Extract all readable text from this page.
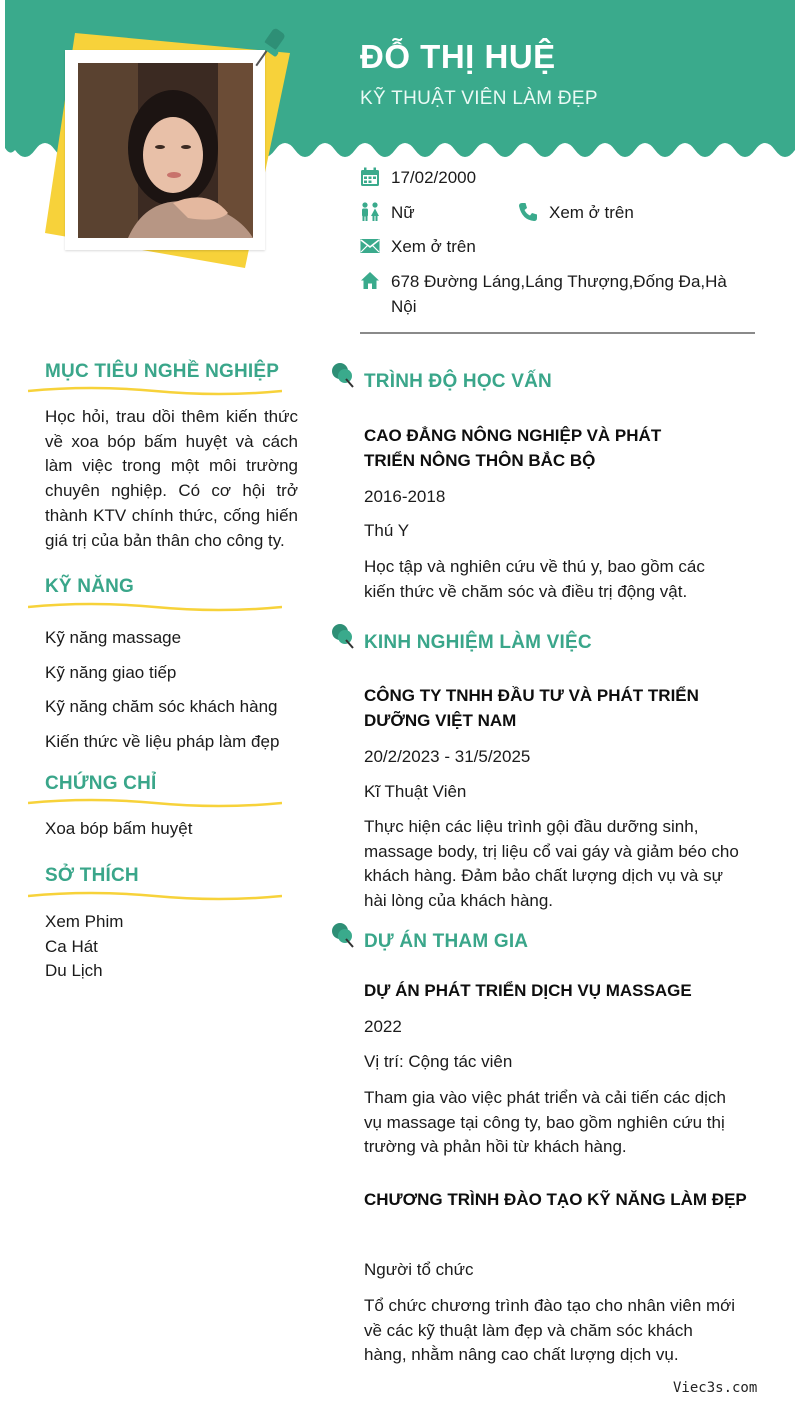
ĐỖ THỊ HUỆ
KỸ THUẬT VIÊN LÀM ĐẸP
17/02/2000
Nữ	Xem ở trên
Xem ở trên
678 Đường Láng,Láng Thượng,Đống Đa,Hà Nội
MỤC TIÊU NGHỀ NGHIỆP
Học hỏi, trau dồi thêm kiến thức về xoa bóp bấm huyệt và cách làm việc trong một môi trường chuyên nghiệp. Có cơ hội trở thành KTV chính thức, cống hiến giá trị của bản thân cho công ty.
KỸ NĂNG
Kỹ năng massage
Kỹ năng giao tiếp
Kỹ năng chăm sóc khách hàng
Kiến thức về liệu pháp làm đẹp
CHỨNG CHỈ
Xoa bóp bấm huyệt
SỞ THÍCH
Xem Phim
Ca Hát
Du Lịch
TRÌNH ĐỘ HỌC VẤN
CAO ĐẲNG NÔNG NGHIỆP VÀ PHÁT TRIỂN NÔNG THÔN BẮC BỘ
2016-2018
Thú Y
Học tập và nghiên cứu về thú y, bao gồm các kiến thức về chăm sóc và điều trị động vật.
KINH NGHIỆM LÀM VIỆC
CÔNG TY TNHH ĐẦU TƯ VÀ PHÁT TRIỂN DƯỠNG VIỆT NAM
20/2/2023 - 31/5/2025
Kĩ Thuật Viên
Thực hiện các liệu trình gội đầu dưỡng sinh, massage body, trị liệu cổ vai gáy và giảm béo cho khách hàng. Đảm bảo chất lượng dịch vụ và sự hài lòng của khách hàng.
DỰ ÁN THAM GIA
DỰ ÁN PHÁT TRIỂN DỊCH VỤ MASSAGE
2022
Vị trí: Cộng tác viên
Tham gia vào việc phát triển và cải tiến các dịch vụ massage tại công ty, bao gồm nghiên cứu thị trường và phản hồi từ khách hàng.
CHƯƠNG TRÌNH ĐÀO TẠO KỸ NĂNG LÀM ĐẸP
Người tổ chức
Tổ chức chương trình đào tạo cho nhân viên mới về các kỹ thuật làm đẹp và chăm sóc khách hàng, nhằm nâng cao chất lượng dịch vụ.
Viec3s.com
